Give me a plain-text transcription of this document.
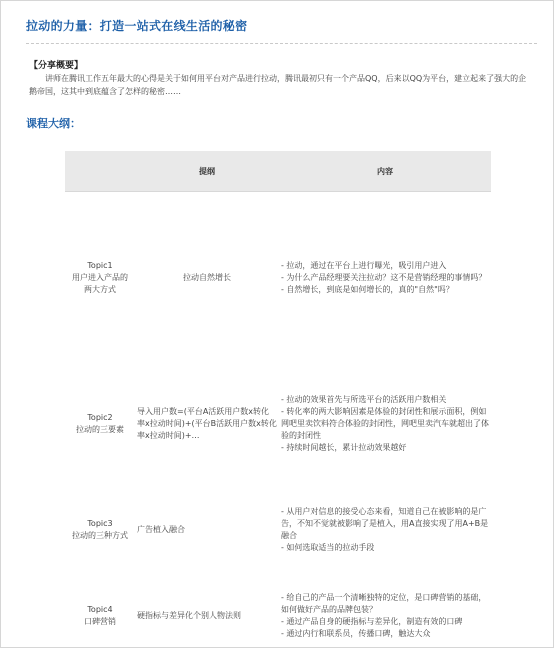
拉动的力量：打造一站式在线生活的秘密
【分享概要】

讲师在腾讯工作五年最大的心得是关于如何用平台对产品进行拉动，腾讯最初只有一个产品QQ，后来以QQ为平台，建立起来了强大的企鹅帝国，这其中到底蕴含了怎样的秘密……

课程大纲：
	提纲	内容

Topic1
用户进入产品的两大方式	拉动自然增长	- 拉动，通过在平台上进行曝光，吸引用户进入
- 为什么产品经理要关注拉动？这不是营销经理的事情吗？
- 自然增长，到底是如何增长的，真的"自然"吗？

Topic2
拉动的三要素	导入用户数=(平台A活跃用户数x转化率x拉动时间)+(平台B活跃用户数x转化率x拉动时间)+…	- 拉动的效果首先与所选平台的活跃用户数相关
- 转化率的两大影响因素是体验的封闭性和展示面积，例如网吧里卖饮料符合体验的封闭性，网吧里卖汽车就超出了体验的封闭性
- 持续时间越长，累计拉动效果越好

Topic3
拉动的三种方式	广告植入融合	- 从用户对信息的接受心态来看，知道自己在被影响的是广告，不知不觉就被影响了是植入，用A直接实现了用A+B是融合
- 如何选取适当的拉动手段

Topic4
口碑营销	硬指标与差异化个别人物法则	- 给自己的产品一个清晰独特的定位，是口碑营销的基础，如何做好产品的品牌包装？
- 通过产品自身的硬指标与差异化，制造有效的口碑
- 通过内行和联系员，传播口碑，触达大众
